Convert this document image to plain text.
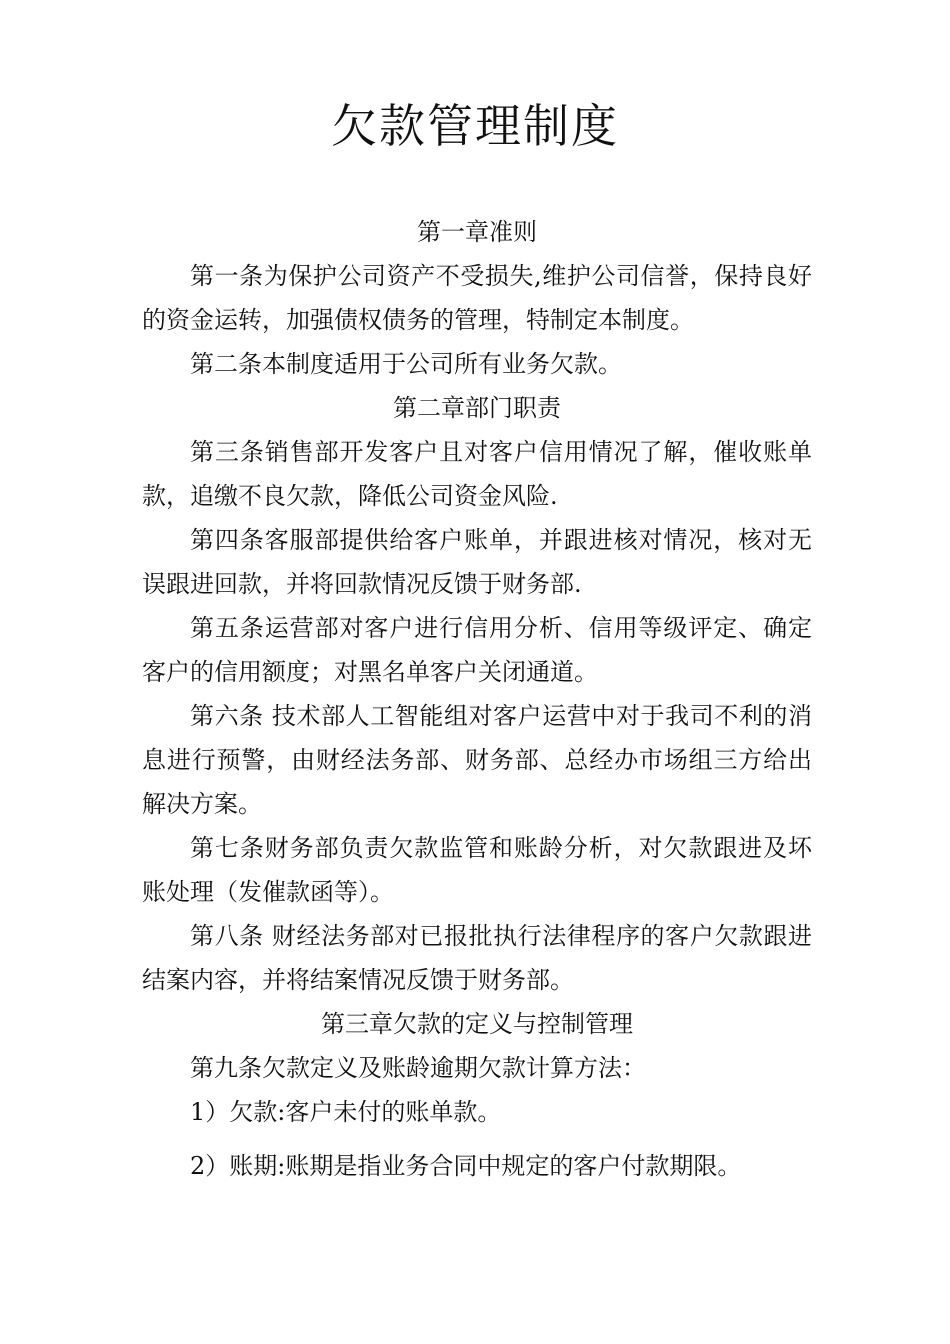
欠款管理制度

第一章准则

第一条为保护公司资产不受损失,维护公司信誉，保持良好的资金运转，加强债权债务的管理，特制定本制度。

第二条本制度适用于公司所有业务欠款。

第二章部门职责

第三条销售部开发客户且对客户信用情况了解，催收账单款，追缴不良欠款，降低公司资金风险.

第四条客服部提供给客户账单，并跟进核对情况，核对无误跟进回款，并将回款情况反馈于财务部.

第五条运营部对客户进行信用分析、信用等级评定、确定客户的信用额度；对黑名单客户关闭通道。

第六条 技术部人工智能组对客户运营中对于我司不利的消息进行预警，由财经法务部、财务部、总经办市场组三方给出解决方案。

第七条财务部负责欠款监管和账龄分析，对欠款跟进及坏账处理（发催款函等）。

第八条 财经法务部对已报批执行法律程序的客户欠款跟进结案内容，并将结案情况反馈于财务部。

第三章欠款的定义与控制管理

第九条欠款定义及账龄逾期欠款计算方法：

1）欠款:客户未付的账单款。

2）账期:账期是指业务合同中规定的客户付款期限。
